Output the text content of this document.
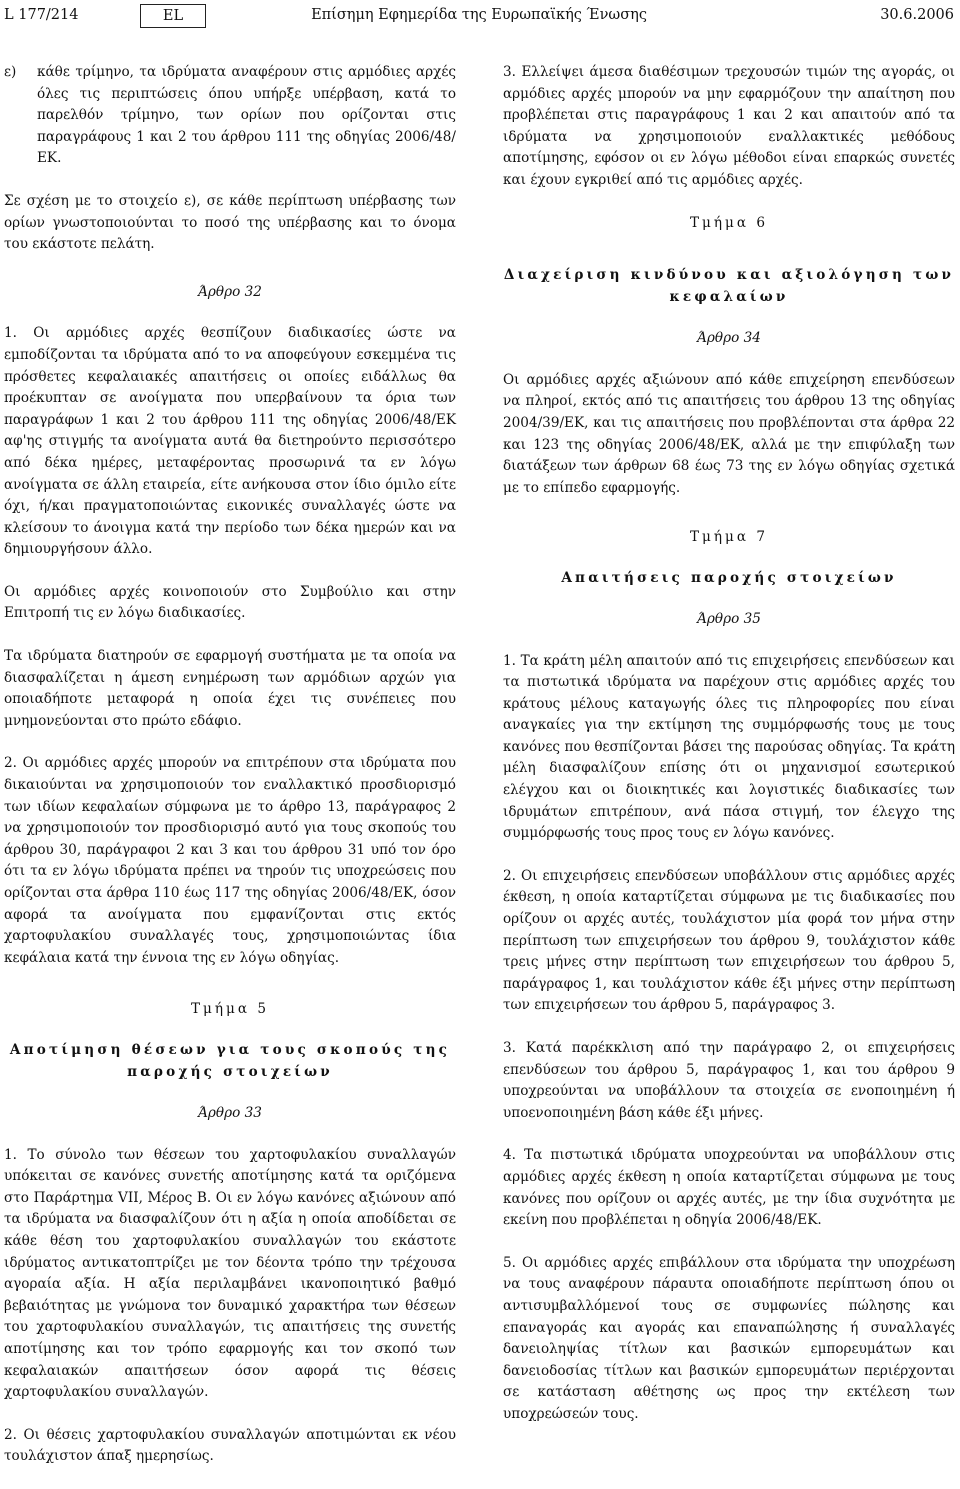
L 177/214	EL	Επίσημη Εφημερίδα της Ευρωπαϊκής Ένωσης	30.6.2006
ε)	κάθε τρίμηνο, τα ιδρύματα αναφέρουν στις αρμόδιες αρχές όλες τις περιπτώσεις όπου υπήρξε υπέρβαση, κατά το παρελθόν τρίμηνο, των ορίων που ορίζονται στις παραγράφους 1 και 2 του άρθρου 111 της οδηγίας 2006/48/ΕΚ.

Σε σχέση με το στοιχείο ε), σε κάθε περίπτωση υπέρβασης των ορίων γνωστοποιούνται το ποσό της υπέρβασης και το όνομα του εκάστοτε πελάτη.

Άρθρο 32

1. Οι αρμόδιες αρχές θεσπίζουν διαδικασίες ώστε να εμποδίζονται τα ιδρύματα από το να αποφεύγουν εσκεμμένα τις πρόσθετες κεφαλαιακές απαιτήσεις οι οποίες ειδάλλως θα προέκυπταν σε ανοίγματα που υπερβαίνουν τα όρια των παραγράφων 1 και 2 του άρθρου 111 της οδηγίας 2006/48/ΕΚ αφ'ης στιγμής τα ανοίγματα αυτά θα διετηρούντο περισσότερο από δέκα ημέρες, μεταφέροντας προσωρινά τα εν λόγω ανοίγματα σε άλλη εταιρεία, είτε ανήκουσα στον ίδιο όμιλο είτε όχι, ή/και πραγματοποιώντας εικονικές συναλλαγές ώστε να κλείσουν το άνοιγμα κατά την περίοδο των δέκα ημερών και να δημιουργήσουν άλλο.

Οι αρμόδιες αρχές κοινοποιούν στο Συμβούλιο και στην Επιτροπή τις εν λόγω διαδικασίες.

Τα ιδρύματα διατηρούν σε εφαρμογή συστήματα με τα οποία να διασφαλίζεται η άμεση ενημέρωση των αρμόδιων αρχών για οποιαδήποτε μεταφορά η οποία έχει τις συνέπειες που μνημονεύονται στο πρώτο εδάφιο.

2. Οι αρμόδιες αρχές μπορούν να επιτρέπουν στα ιδρύματα που δικαιούνται να χρησιμοποιούν τον εναλλακτικό προσδιορισμό των ιδίων κεφαλαίων σύμφωνα με το άρθρο 13, παράγραφος 2 να χρησιμοποιούν τον προσδιορισμό αυτό για τους σκοπούς του άρθρου 30, παράγραφοι 2 και 3 και του άρθρου 31 υπό τον όρο ότι τα εν λόγω ιδρύματα πρέπει να τηρούν τις υποχρεώσεις που ορίζονται στα άρθρα 110 έως 117 της οδηγίας 2006/48/ΕΚ, όσον αφορά τα ανοίγματα που εμφανίζονται στις εκτός χαρτοφυλακίου συναλλαγές τους, χρησιμοποιώντας ίδια κεφάλαια κατά την έννοια της εν λόγω οδηγίας.

Τμήμα 5

Αποτίμηση θέσεων για τους σκοπούς της παροχής στοιχείων

Άρθρο 33

1. Το σύνολο των θέσεων του χαρτοφυλακίου συναλλαγών υπόκειται σε κανόνες συνετής αποτίμησης κατά τα οριζόμενα στο Παράρτημα VII, Μέρος B. Οι εν λόγω κανόνες αξιώνουν από τα ιδρύματα να διασφαλίζουν ότι η αξία η οποία αποδίδεται σε κάθε θέση του χαρτοφυλακίου συναλλαγών του εκάστοτε ιδρύματος αντικατοπτρίζει με τον δέοντα τρόπο την τρέχουσα αγοραία αξία. Η αξία περιλαμβάνει ικανοποιητικό βαθμό βεβαιότητας με γνώμονα τον δυναμικό χαρακτήρα των θέσεων του χαρτοφυλακίου συναλλαγών, τις απαιτήσεις της συνετής αποτίμησης και τον τρόπο εφαρμογής και τον σκοπό των κεφαλαιακών απαιτήσεων όσον αφορά τις θέσεις χαρτοφυλακίου συναλλαγών.

2. Οι θέσεις χαρτοφυλακίου συναλλαγών αποτιμώνται εκ νέου τουλάχιστον άπαξ ημερησίως.

3. Ελλείψει άμεσα διαθέσιμων τρεχουσών τιμών της αγοράς, οι αρμόδιες αρχές μπορούν να μην εφαρμόζουν την απαίτηση που προβλέπεται στις παραγράφους 1 και 2 και απαιτούν από τα ιδρύματα να χρησιμοποιούν εναλλακτικές μεθόδους αποτίμησης, εφόσον οι εν λόγω μέθοδοι είναι επαρκώς συνετές και έχουν εγκριθεί από τις αρμόδιες αρχές.

Τμήμα 6

Διαχείριση κινδύνου και αξιολόγηση των κεφαλαίων

Άρθρο 34

Οι αρμόδιες αρχές αξιώνουν από κάθε επιχείρηση επενδύσεων να πληροί, εκτός από τις απαιτήσεις του άρθρου 13 της οδηγίας 2004/39/ΕΚ, και τις απαιτήσεις που προβλέπονται στα άρθρα 22 και 123 της οδηγίας 2006/48/ΕΚ, αλλά με την επιφύλαξη των διατάξεων των άρθρων 68 έως 73 της εν λόγω οδηγίας σχετικά με το επίπεδο εφαρμογής.

Τμήμα 7

Απαιτήσεις παροχής στοιχείων

Άρθρο 35

1. Τα κράτη μέλη απαιτούν από τις επιχειρήσεις επενδύσεων και τα πιστωτικά ιδρύματα να παρέχουν στις αρμόδιες αρχές του κράτους μέλους καταγωγής όλες τις πληροφορίες που είναι αναγκαίες για την εκτίμηση της συμμόρφωσής τους με τους κανόνες που θεσπίζονται βάσει της παρούσας οδηγίας. Τα κράτη μέλη διασφαλίζουν επίσης ότι οι μηχανισμοί εσωτερικού ελέγχου και οι διοικητικές και λογιστικές διαδικασίες των ιδρυμάτων επιτρέπουν, ανά πάσα στιγμή, τον έλεγχο της συμμόρφωσής τους προς τους εν λόγω κανόνες.

2. Οι επιχειρήσεις επενδύσεων υποβάλλουν στις αρμόδιες αρχές έκθεση, η οποία καταρτίζεται σύμφωνα με τις διαδικασίες που ορίζουν οι αρχές αυτές, τουλάχιστον μία φορά τον μήνα στην περίπτωση των επιχειρήσεων του άρθρου 9, τουλάχιστον κάθε τρεις μήνες στην περίπτωση των επιχειρήσεων του άρθρου 5, παράγραφος 1, και τουλάχιστον κάθε έξι μήνες στην περίπτωση των επιχειρήσεων του άρθρου 5, παράγραφος 3.

3. Κατά παρέκκλιση από την παράγραφο 2, οι επιχειρήσεις επενδύσεων του άρθρου 5, παράγραφος 1, και του άρθρου 9 υποχρεούνται να υποβάλλουν τα στοιχεία σε ενοποιημένη ή υποενοποιημένη βάση κάθε έξι μήνες.

4. Τα πιστωτικά ιδρύματα υποχρεούνται να υποβάλλουν στις αρμόδιες αρχές έκθεση η οποία καταρτίζεται σύμφωνα με τους κανόνες που ορίζουν οι αρχές αυτές, με την ίδια συχνότητα με εκείνη που προβλέπεται η οδηγία 2006/48/ΕΚ.

5. Οι αρμόδιες αρχές επιβάλλουν στα ιδρύματα την υποχρέωση να τους αναφέρουν πάραυτα οποιαδήποτε περίπτωση όπου οι αντισυμβαλλόμενοί τους σε συμφωνίες πώλησης και επαναγοράς και αγοράς και επαναπώλησης ή συναλλαγές δανειοληψίας τίτλων και βασικών εμπορευμάτων και δανειοδοσίας τίτλων και βασικών εμπορευμάτων περιέρχονται σε κατάσταση αθέτησης ως προς την εκτέλεση των υποχρεώσεών τους.
